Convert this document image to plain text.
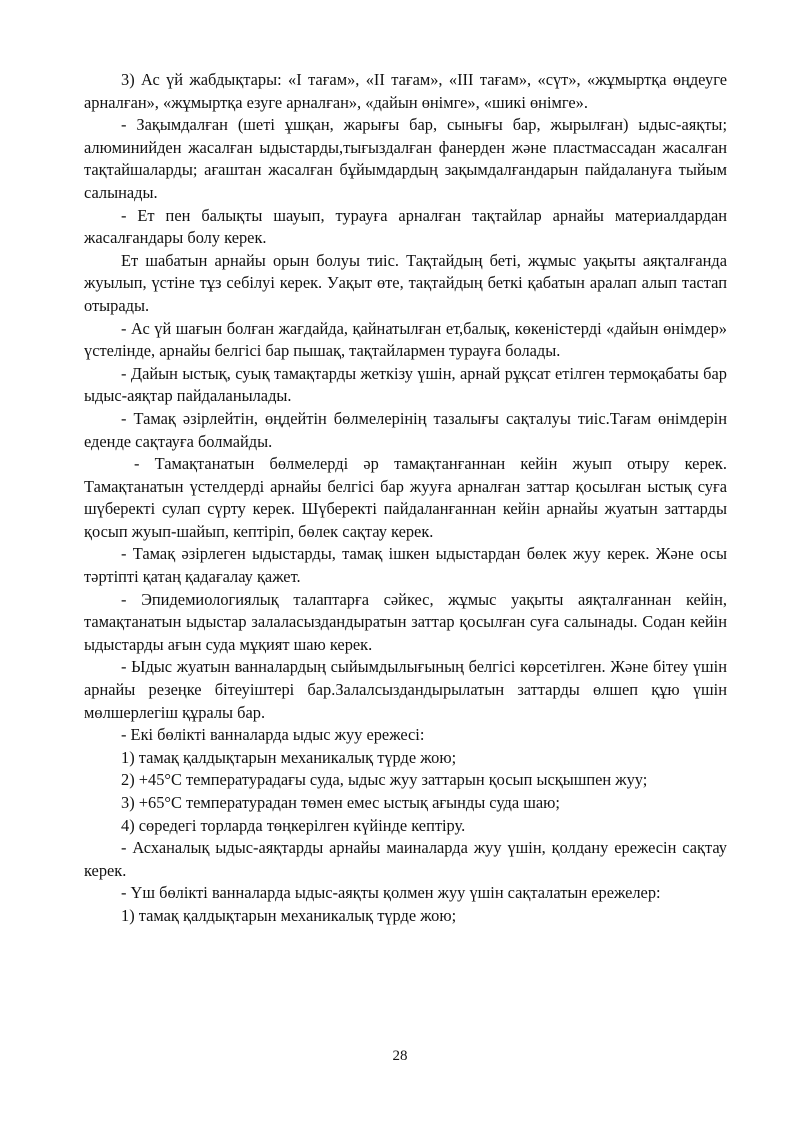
3) Ас үй жабдықтары: «І тағам», «ІІ тағам», «ІІІ тағам», «сүт», «жұмыртқа өңдеуге арналған», «жұмыртқа езуге арналған», «дайын өнімге», «шикі өнімге».

- Зақымдалған (шеті ұшқан, жарығы бар, сынығы бар, жырылған) ыдыс-аяқты; алюминийден жасалған ыдыстарды,тығыздалған фанерден және пластмассадан жасалған тақтайшаларды; ағаштан жасалған бұйымдардың зақымдалғандарын пайдалануға тыйым салынады.

- Ет пен балықты шауып, турауға арналған тақтайлар арнайы материалдардан жасалғандары болу керек.

Ет шабатын арнайы орын болуы тиіс. Тақтайдың беті, жұмыс уақыты аяқталғанда жуылып, үстіне тұз себілуі керек. Уақыт өте, тақтайдың беткі қабатын аралап алып тастап отырады.

- Ас үй шағын болған жағдайда, қайнатылған ет,балық, көкеністерді «дайын өнімдер» үстелінде, арнайы белгісі бар пышақ, тақтайлармен турауға болады.

- Дайын ыстық, суық тамақтарды жеткізу үшін, арнай рұқсат етілген термоқабаты бар ыдыс-аяқтар пайдаланылады.

- Тамақ әзірлейтін, өңдейтін бөлмелерінің тазалығы сақталуы тиіс.Тағам өнімдерін еденде сақтауға болмайды.

- Тамақтанатын бөлмелерді әр тамақтанғаннан кейін жуып отыру керек. Тамақтанатын үстелдерді арнайы белгісі бар жууға арналған заттар қосылған ыстық суға шүберекті сулап сүрту керек. Шүберекті пайдаланғаннан кейін арнайы жуатын заттарды қосып жуып-шайып, кептіріп, бөлек сақтау керек.

- Тамақ әзірлеген ыдыстарды, тамақ ішкен ыдыстардан бөлек жуу керек. Және осы тәртіпті қатаң қадағалау қажет.

- Эпидемиологиялық талаптарға сәйкес, жұмыс уақыты аяқталғаннан кейін, тамақтанатын ыдыстар залаласыздандыратын заттар қосылған суға салынады. Содан кейін ыдыстарды ағын суда мұқият шаю керек.

- Ыдыс жуатын ванналардың сыйымдылығының белгісі көрсетілген. Және бітеу үшін арнайы резеңке бітеуіштері бар.Залалсыздандырылатын заттарды өлшеп құю үшін мөлшерлегіш құралы бар.

- Екі бөлікті ванналарда ыдыс жуу ережесі:

1) тамақ қалдықтарын механикалық түрде жою;

2) +45°С температурадағы суда, ыдыс жуу заттарын қосып ысқышпен жуу;

3) +65°С температурадан төмен емес ыстық ағынды суда шаю;

4) сөредегі торларда төңкерілген күйінде кептіру.

- Асханалық ыдыс-аяқтарды арнайы маиналарда жуу үшін, қолдану ережесін сақтау керек.

- Үш бөлікті ванналарда ыдыс-аяқты қолмен жуу үшін сақталатын ережелер:

1) тамақ қалдықтарын механикалық түрде жою;

28
